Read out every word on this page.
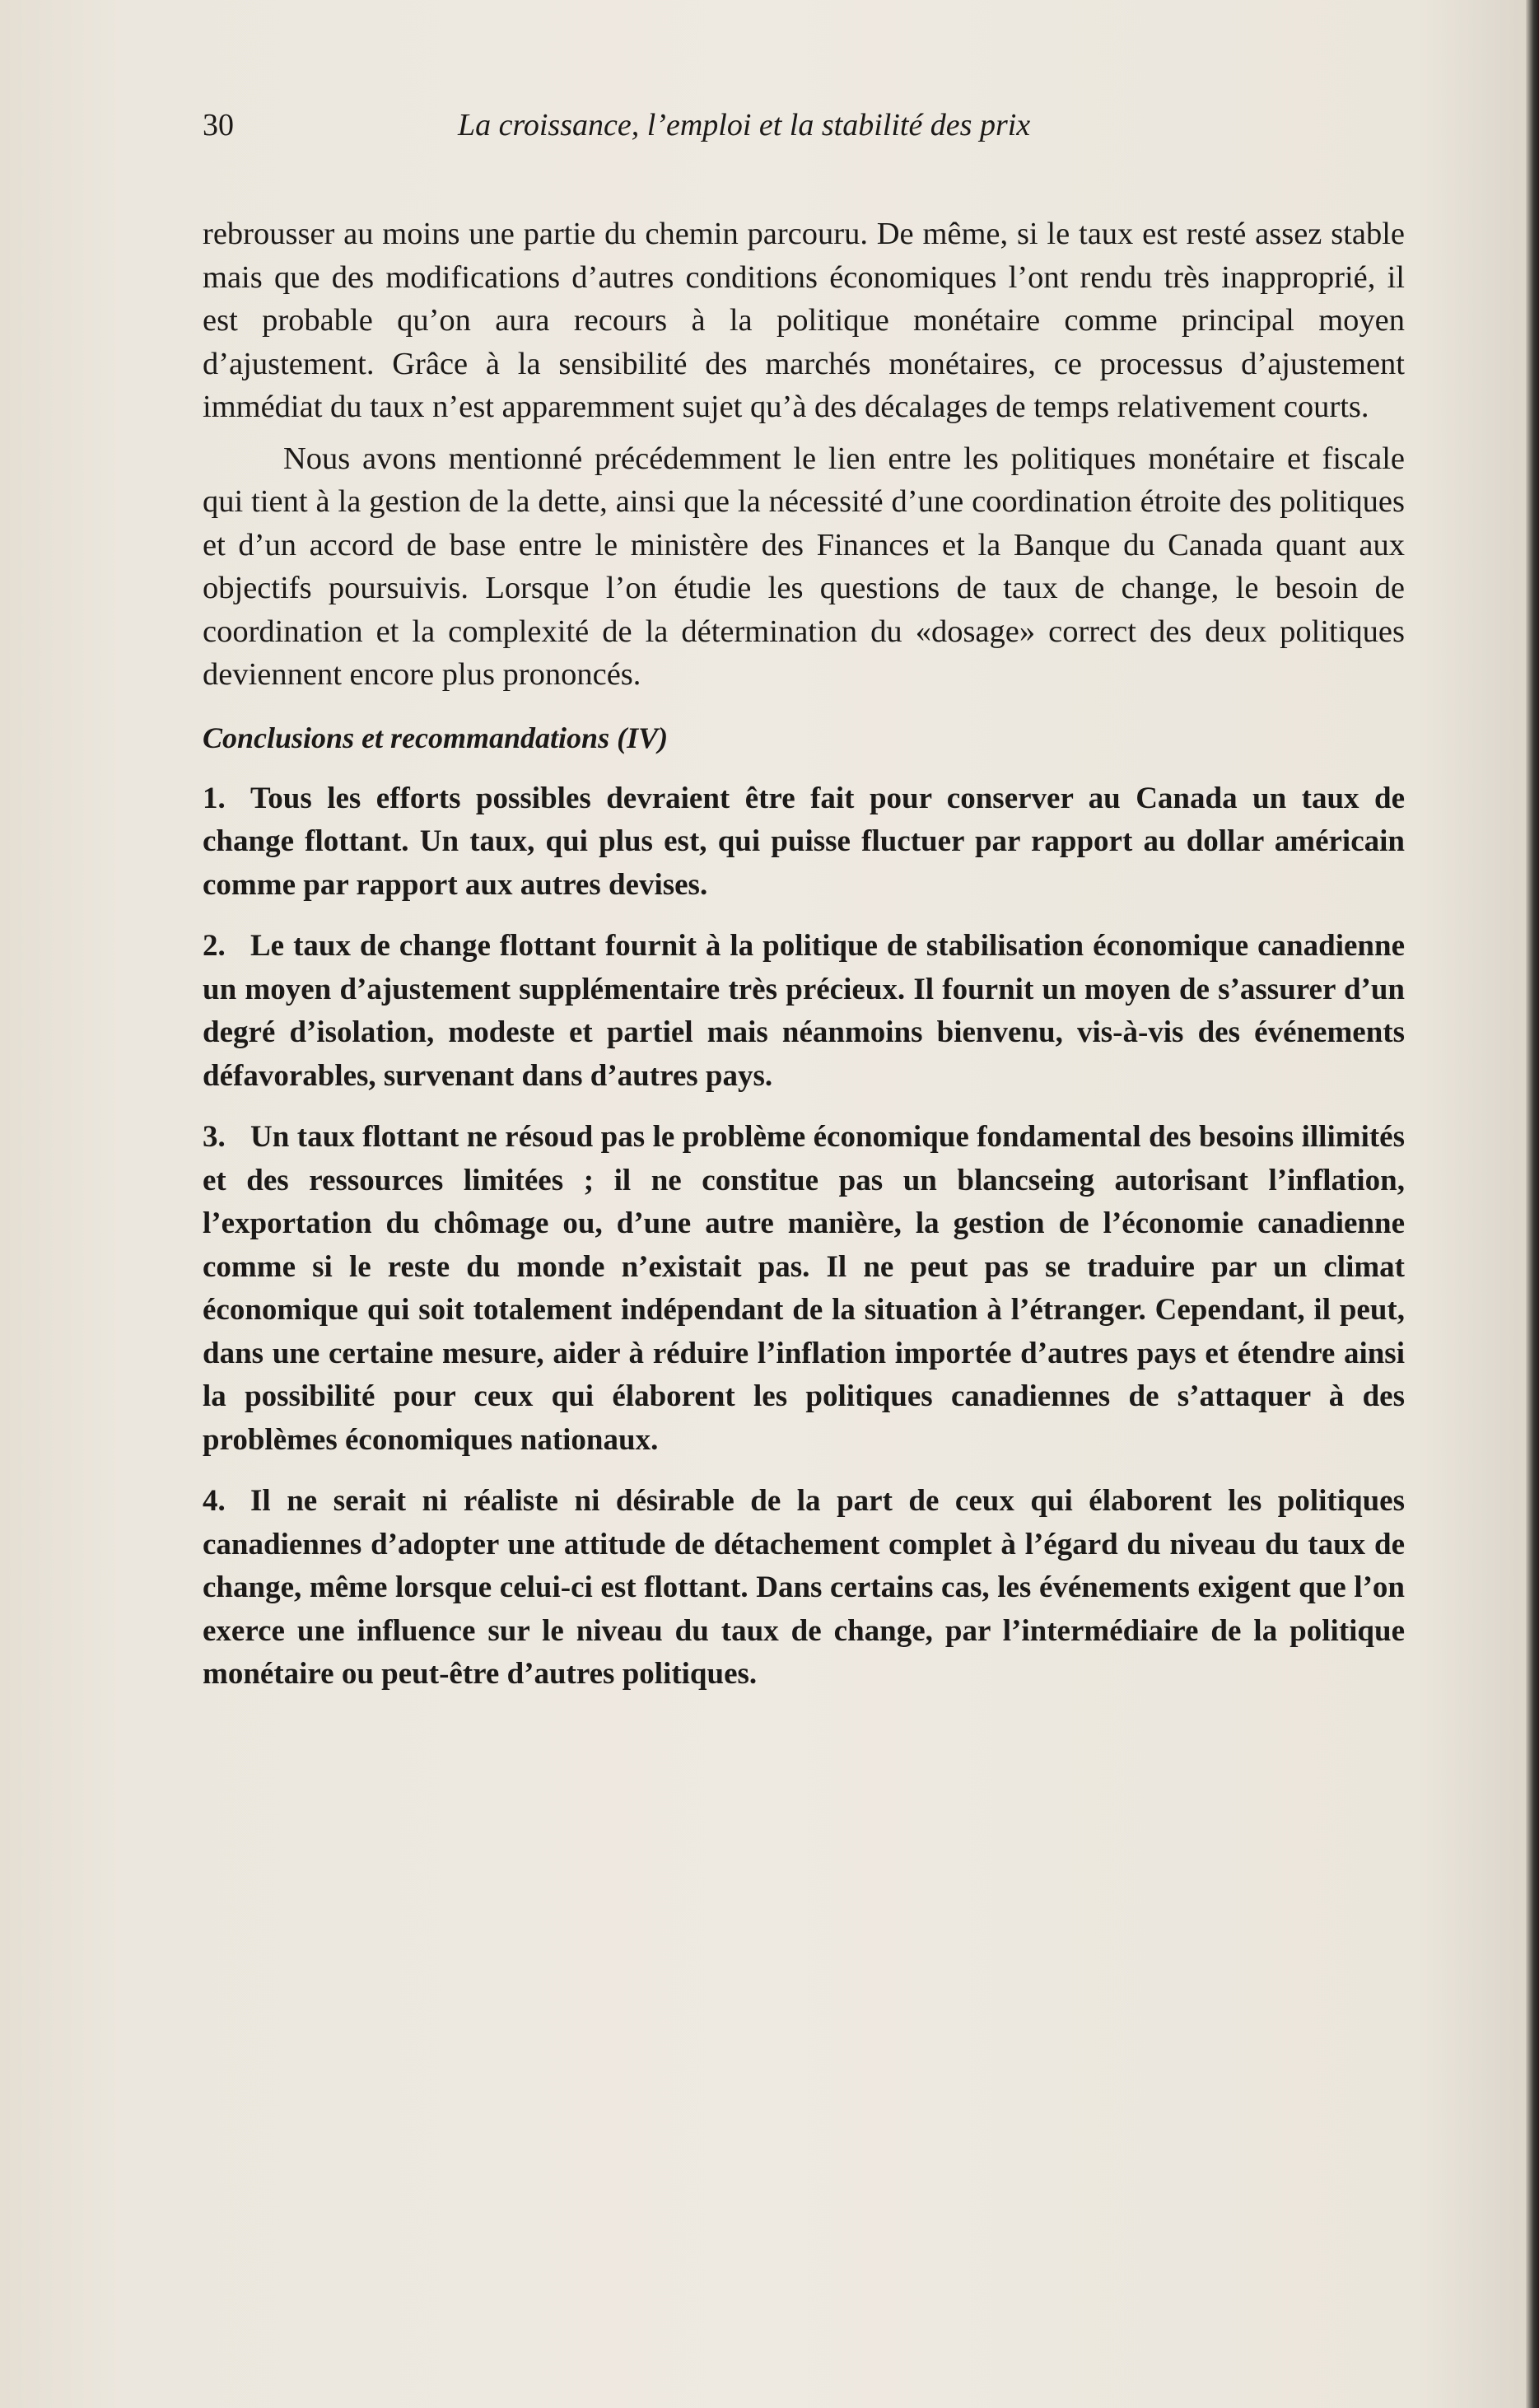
30	La croissance, l’emploi et la stabilité des prix

rebrousser au moins une partie du chemin parcouru. De même, si le taux est resté assez stable mais que des modifications d’autres conditions économiques l’ont rendu très inapproprié, il est probable qu’on aura recours à la politique monétaire comme principal moyen d’ajustement. Grâce à la sensibilité des marchés monétaires, ce processus d’ajustement immédiat du taux n’est apparemment sujet qu’à des décalages de temps relativement courts.

Nous avons mentionné précédemment le lien entre les politiques monétaire et fiscale qui tient à la gestion de la dette, ainsi que la nécessité d’une coordination étroite des politiques et d’un accord de base entre le ministère des Finances et la Banque du Canada quant aux objectifs poursuivis. Lorsque l’on étudie les questions de taux de change, le besoin de coordination et la complexité de la détermination du «dosage» correct des deux politiques deviennent encore plus prononcés.

Conclusions et recommandations (IV)

1. Tous les efforts possibles devraient être fait pour conserver au Canada un taux de change flottant. Un taux, qui plus est, qui puisse fluctuer par rapport au dollar américain comme par rapport aux autres devises.

2. Le taux de change flottant fournit à la politique de stabilisation économique canadienne un moyen d’ajustement supplémentaire très précieux. Il fournit un moyen de s’assurer d’un degré d’isolation, modeste et partiel mais néanmoins bienvenu, vis-à-vis des événements défavorables, survenant dans d’autres pays.

3. Un taux flottant ne résoud pas le problème économique fondamental des besoins illimités et des ressources limitées ; il ne constitue pas un blancseing autorisant l’inflation, l’exportation du chômage ou, d’une autre manière, la gestion de l’économie canadienne comme si le reste du monde n’existait pas. Il ne peut pas se traduire par un climat économique qui soit totalement indépendant de la situation à l’étranger. Cependant, il peut, dans une certaine mesure, aider à réduire l’inflation importée d’autres pays et étendre ainsi la possibilité pour ceux qui élaborent les politiques canadiennes de s’attaquer à des problèmes économiques nationaux.

4. Il ne serait ni réaliste ni désirable de la part de ceux qui élaborent les politiques canadiennes d’adopter une attitude de détachement complet à l’égard du niveau du taux de change, même lorsque celui-ci est flottant. Dans certains cas, les événements exigent que l’on exerce une influence sur le niveau du taux de change, par l’intermédiaire de la politique monétaire ou peut-être d’autres politiques.
